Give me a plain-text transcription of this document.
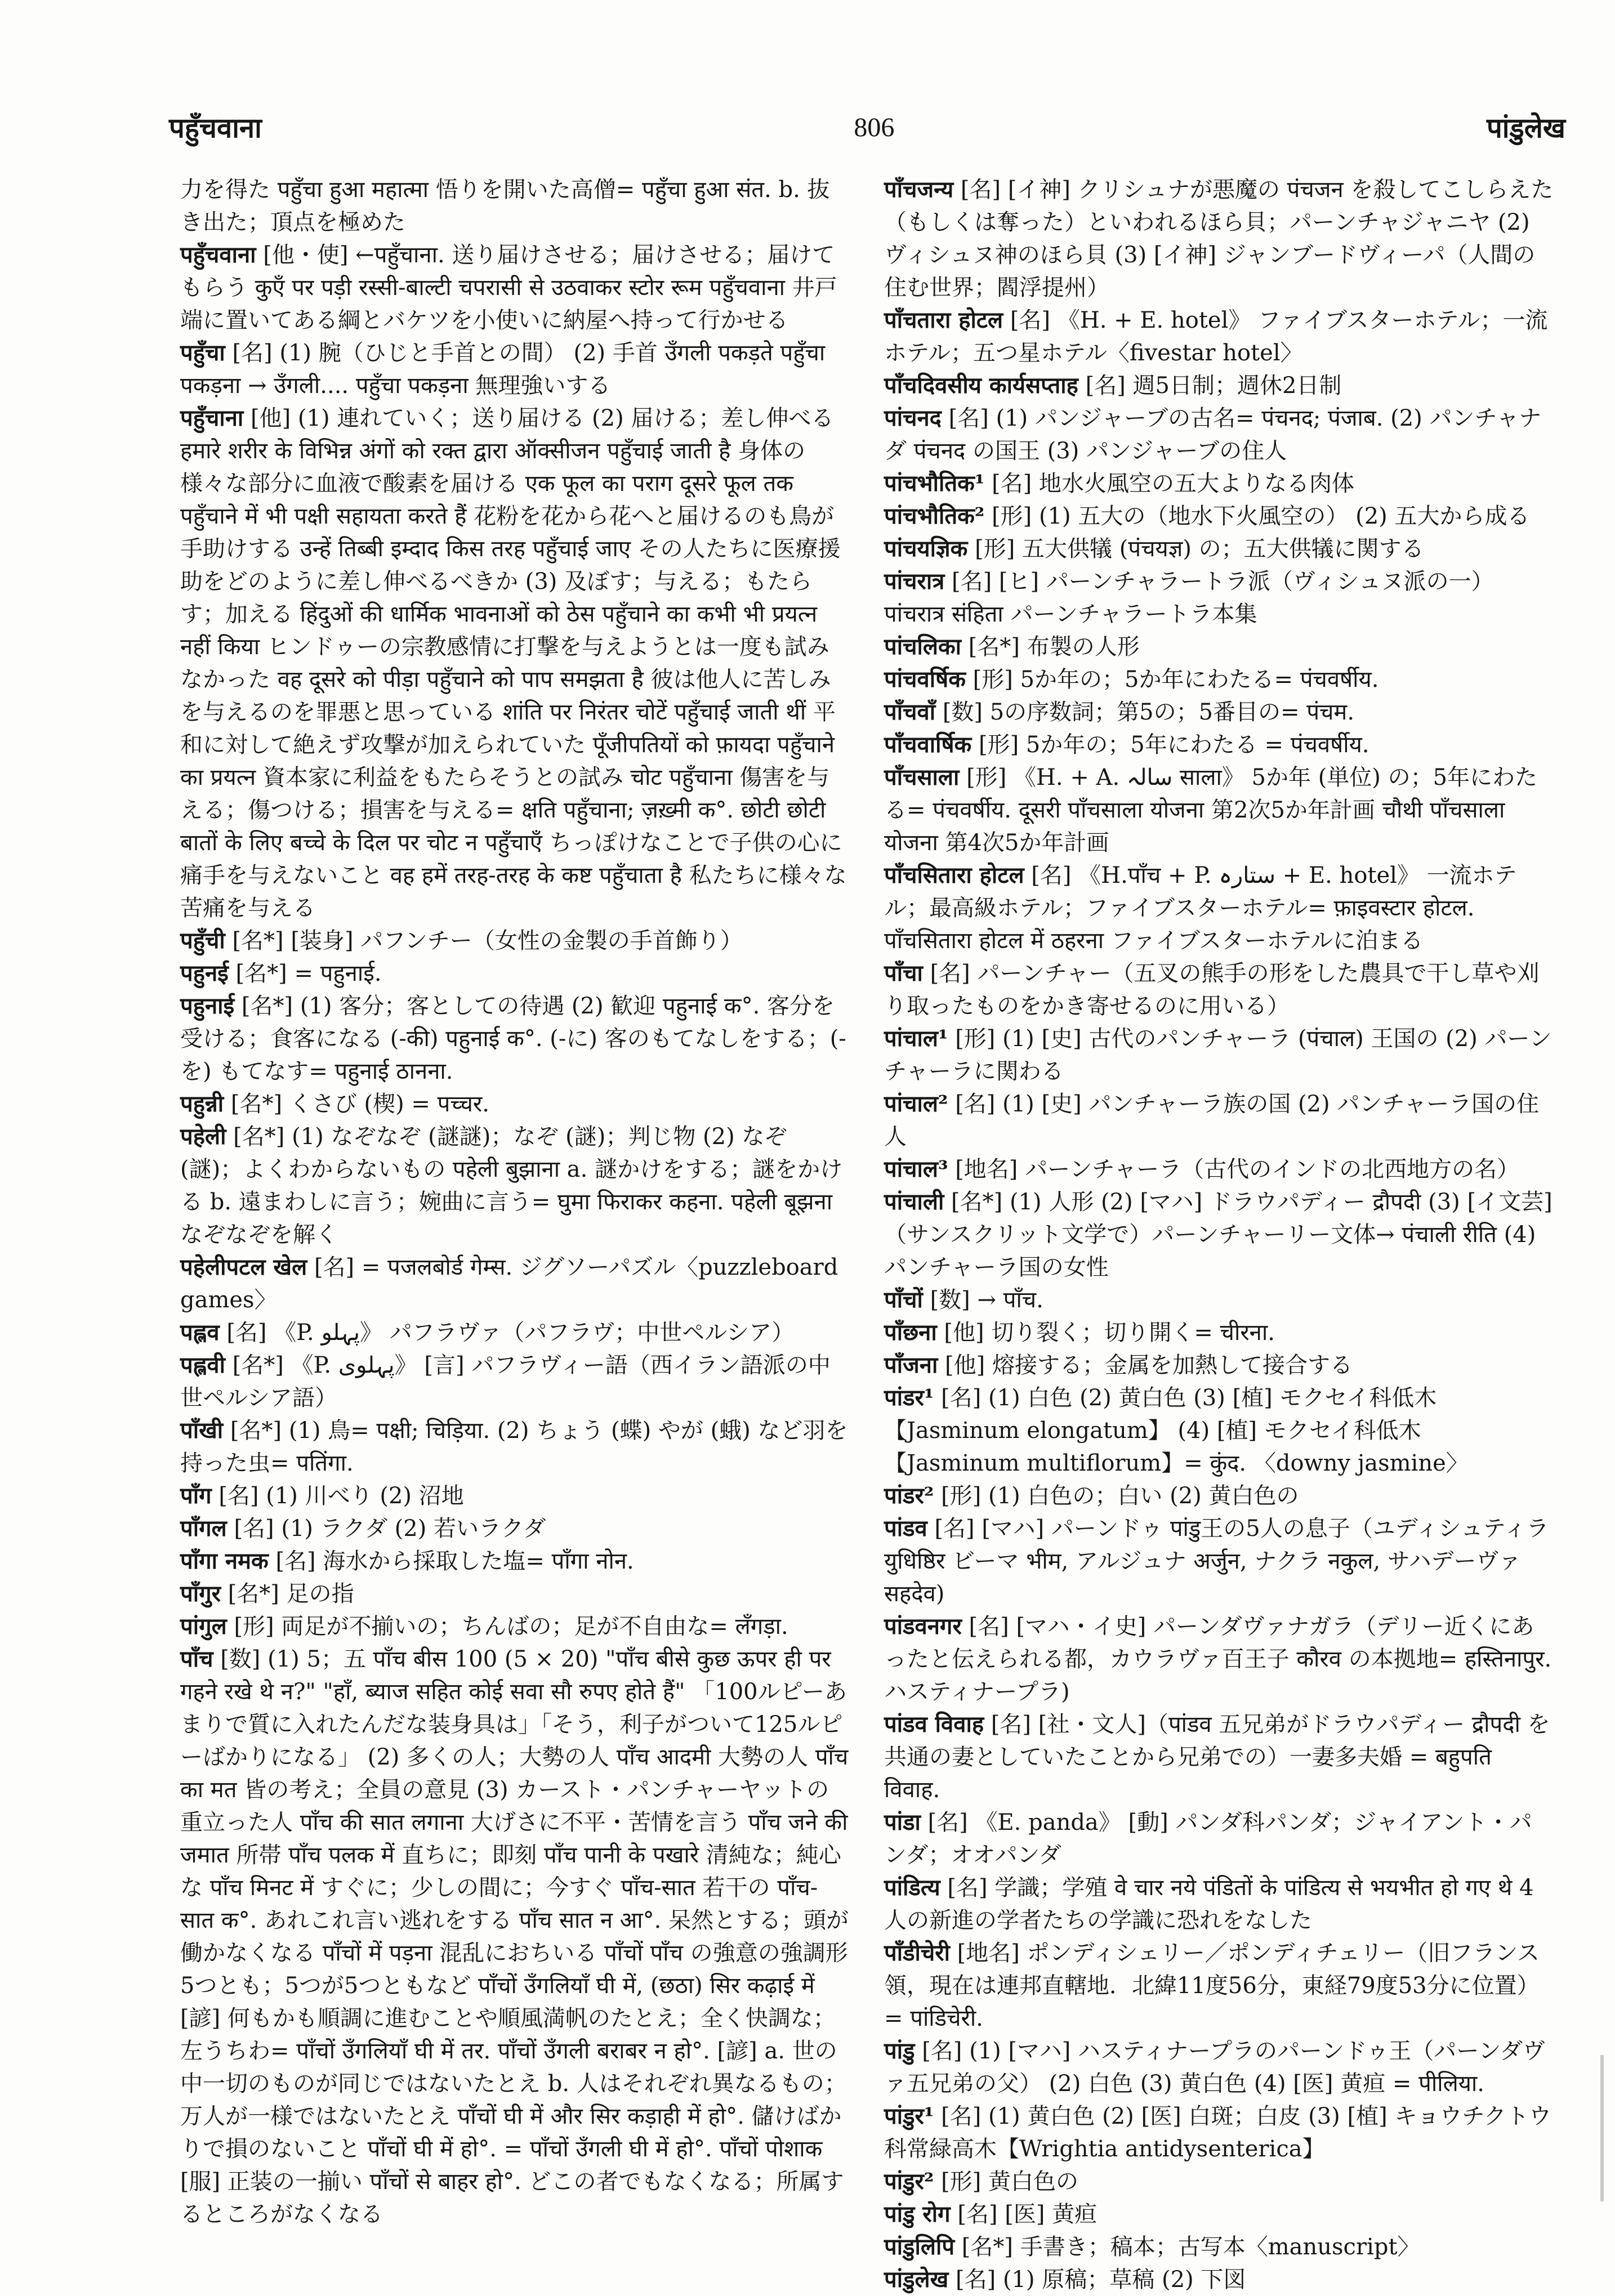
पहुँचवाना	806	पांडुलेख

力を得た पहुँचा हुआ महात्मा 悟りを開いた高僧= पहुँचा हुआ संत. b. 抜き出た；頂点を極めた

पहुँचवाना [他・使] ←पहुँचाना. 送り届けさせる；届けさせる；届けてもらう कुएँ पर पड़ी रस्सी-बाल्टी चपरासी से उठवाकर स्टोर रूम पहुँचवाना 井戸端に置いてある綱とバケツを小使いに納屋へ持って行かせる

पहुँचा [名] (1) 腕（ひじと手首との間） (2) 手首 उँगली पकड़ते पहुँचा पकड़ना → उँगली.... पहुँचा पकड़ना 無理強いする

पहुँचाना [他] (1) 連れていく；送り届ける (2) 届ける；差し伸べる हमारे शरीर के विभिन्न अंगों को रक्त द्वारा ऑक्सीजन पहुँचाई जाती है 身体の様々な部分に血液で酸素を届ける एक फूल का पराग दूसरे फूल तक पहुँचाने में भी पक्षी सहायता करते हैं 花粉を花から花へと届けるのも鳥が手助けする उन्हें तिब्बी इम्दाद किस तरह पहुँचाई जाए その人たちに医療援助をどのように差し伸べるべきか (3) 及ぼす；与える；もたらす；加える हिंदुओं की धार्मिक भावनाओं को ठेस पहुँचाने का कभी भी प्रयत्न नहीं किया ヒンドゥーの宗教感情に打撃を与えようとは一度も試みなかった वह दूसरे को पीड़ा पहुँचाने को पाप समझता है 彼は他人に苦しみを与えるのを罪悪と思っている शांति पर निरंतर चोटें पहुँचाई जाती थीं 平和に対して絶えず攻撃が加えられていた पूँजीपतियों को फ़ायदा पहुँचाने का प्रयत्न 資本家に利益をもたらそうとの試み चोट पहुँचाना 傷害を与える；傷つける；損害を与える= क्षति पहुँचाना; ज़ख़्मी क°. छोटी छोटी बातों के लिए बच्चे के दिल पर चोट न पहुँचाएँ ちっぽけなことで子供の心に痛手を与えないこと वह हमें तरह-तरह के कष्ट पहुँचाता है 私たちに様々な苦痛を与える

पहुँची [名*] [装身] パフンチー（女性の金製の手首飾り）

पहुनई [名*] = पहुनाई.

पहुनाई [名*] (1) 客分；客としての待遇 (2) 歓迎 पहुनाई क°. 客分を受ける；食客になる (-की) पहुनाई क°. (-に) 客のもてなしをする；(-を) もてなす= पहुनाई ठानना.

पहुन्नी [名*] くさび (楔) = पच्चर.

पहेली [名*] (1) なぞなぞ (謎謎)；なぞ (謎)；判じ物 (2) なぞ (謎)；よくわからないもの पहेली बुझाना a. 謎かけをする；謎をかける b. 遠まわしに言う；婉曲に言う= घुमा फिराकर कहना. पहेली बूझना なぞなぞを解く

पहेलीपटल खेल [名] = पजलबोर्ड गेम्स. ジグソーパズル〈puzzleboard games〉

पह्लव [名] 《P. پہلو》 パフラヴァ（パフラヴ；中世ペルシア）

पह्लवी [名*] 《P. پہلوی》 [言] パフラヴィー語（西イラン語派の中世ペルシア語）

पाँखी [名*] (1) 鳥= पक्षी; चिड़िया. (2) ちょう (蝶) やが (蛾) など羽を持った虫= पतिंगा.

पाँग [名] (1) 川べり (2) 沼地

पाँगल [名] (1) ラクダ (2) 若いラクダ

पाँगा नमक [名] 海水から採取した塩= पाँगा नोन.

पाँगुर [名*] 足の指

पांगुल [形] 両足が不揃いの；ちんばの；足が不自由な= लँगड़ा.

पाँच [数] (1) 5；五 पाँच बीस 100 (5 × 20) "पाँच बीसे कुछ ऊपर ही पर गहने रखे थे न?" "हाँ, ब्याज सहित कोई सवा सौ रुपए होते हैं" 「100ルピーあまりで質に入れたんだな装身具は」「そう，利子がついて125ルピーばかりになる」 (2) 多くの人；大勢の人 पाँच आदमी 大勢の人 पाँच का मत 皆の考え；全員の意見 (3) カースト・パンチャーヤットの重立った人 पाँच की सात लगाना 大げさに不平・苦情を言う पाँच जने की जमात 所帯 पाँच पलक में 直ちに；即刻 पाँच पानी के पखारे 清純な；純心な पाँच मिनट में すぐに；少しの間に；今すぐ पाँच-सात 若干の पाँच-सात क°. あれこれ言い逃れをする पाँच सात न आ°. 呆然とする；頭が働かなくなる पाँचों में पड़ना 混乱におちいる पाँचों पाँच の強意の強調形 5つとも；5つが5つともなど पाँचों उँगलियाँ घी में, (छठा) सिर कढ़ाई में [諺] 何もかも順調に進むことや順風満帆のたとえ；全く快調な；左うちわ= पाँचों उँगलियाँ घी में तर. पाँचों उँगली बराबर न हो°. [諺] a. 世の中一切のものが同じではないたとえ b. 人はそれぞれ異なるもの；万人が一様ではないたとえ पाँचों घी में और सिर कड़ाही में हो°. 儲けばかりで損のないこと पाँचों घी में हो°. = पाँचों उँगली घी में हो°. पाँचों पोशाक [服] 正装の一揃い पाँचों से बाहर हो°. どこの者でもなくなる；所属するところがなくなる

पाँचजन्य [名] [イ神] クリシュナが悪魔の पंचजन を殺してこしらえた（もしくは奪った）といわれるほら貝；パーンチャジャニヤ (2) ヴィシュヌ神のほら貝 (3) [イ神] ジャンブードヴィーパ（人間の住む世界；閻浮提州）

पाँचतारा होटल [名] 《H. + E. hotel》 ファイブスターホテル；一流ホテル；五つ星ホテル〈fivestar hotel〉

पाँचदिवसीय कार्यसप्ताह [名] 週5日制；週休2日制

पांचनद [名] (1) パンジャーブの古名= पंचनद; पंजाब. (2) パンチャナダ पंचनद の国王 (3) パンジャーブの住人

पांचभौतिक¹ [名] 地水火風空の五大よりなる肉体

पांचभौतिक² [形] (1) 五大の（地水下火風空の） (2) 五大から成る

पांचयज्ञिक [形] 五大供犠 (पंचयज्ञ) の；五大供犠に関する

पांचरात्र [名] [ヒ] パーンチャラートラ派（ヴィシュヌ派の一） पांचरात्र संहिता パーンチャラートラ本集

पांचलिका [名*] 布製の人形

पांचवर्षिक [形] 5か年の；5か年にわたる= पंचवर्षीय.

पाँचवाँ [数] 5の序数詞；第5の；5番目の= पंचम.

पाँचवार्षिक [形] 5か年の；5年にわたる = पंचवर्षीय.

पाँचसाला [形] 《H. + A. سالہ साला》 5か年 (単位) の；5年にわたる= पंचवर्षीय. दूसरी पाँचसाला योजना 第2次5か年計画 चौथी पाँचसाला योजना 第4次5か年計画

पाँचसितारा होटल [名] 《H.पाँच + P. ستارہ + E. hotel》 一流ホテル；最高級ホテル；ファイブスターホテル= फ़ाइवस्टार होटल. पाँचसितारा होटल में ठहरना ファイブスターホテルに泊まる

पाँचा [名] パーンチャー（五叉の熊手の形をした農具で干し草や刈り取ったものをかき寄せるのに用いる）

पांचाल¹ [形] (1) [史] 古代のパンチャーラ (पंचाल) 王国の (2) パーンチャーラに関わる

पांचाल² [名] (1) [史] パンチャーラ族の国 (2) パンチャーラ国の住人

पांचाल³ [地名] パーンチャーラ（古代のインドの北西地方の名）

पांचाली [名*] (1) 人形 (2) [マハ] ドラウパディー द्रौपदी (3) [イ文芸]（サンスクリット文学で）パーンチャーリー文体→ पंचाली रीति (4) パンチャーラ国の女性

पाँचों [数] → पाँच.

पाँछना [他] 切り裂く；切り開く= चीरना.

पाँजना [他] 熔接する；金属を加熱して接合する

पांडर¹ [名] (1) 白色 (2) 黄白色 (3) [植] モクセイ科低木【Jasminum elongatum】 (4) [植] モクセイ科低木【Jasminum multiflorum】= कुंद. 〈downy jasmine〉

पांडर² [形] (1) 白色の；白い (2) 黄白色の

पांडव [名] [マハ] パーンドゥ पांडु王の5人の息子（ユディシュティラ युधिष्ठिर ビーマ भीम, アルジュナ अर्जुन, ナクラ नकुल, サハデーヴァ सहदेव)

पांडवनगर [名] [マハ・イ史] パーンダヴァナガラ（デリー近くにあったと伝えられる都，カウラヴァ百王子 कौरव の本拠地= हस्तिनापुर. ハスティナープラ)

पांडव विवाह [名] [社・文人]（पांडव 五兄弟がドラウパディー द्रौपदी を共通の妻としていたことから兄弟での）一妻多夫婚 = बहुपति विवाह.

पांडा [名] 《E. panda》 [動] パンダ科パンダ；ジャイアント・パンダ；オオパンダ

पांडित्य [名] 学識；学殖 वे चार नये पंडितों के पांडित्य से भयभीत हो गए थे 4人の新進の学者たちの学識に恐れをなした

पाँडीचेरी [地名] ポンディシェリー／ポンディチェリー（旧フランス領，現在は連邦直轄地．北緯11度56分，東経79度53分に位置）= पांडिचेरी.

पांडु [名] (1) [マハ] ハスティナープラのパーンドゥ王（パーンダヴァ五兄弟の父） (2) 白色 (3) 黄白色 (4) [医] 黄疸 = पीलिया.

पांडुर¹ [名] (1) 黄白色 (2) [医] 白斑；白皮 (3) [植] キョウチクトウ科常緑高木【Wrightia antidysenterica】

पांडुर² [形] 黄白色の

पांडु रोग [名] [医] 黄疸

पांडुलिपि [名*] 手書き；稿本；古写本〈manuscript〉

पांडुलेख [名] (1) 原稿；草稿 (2) 下図
